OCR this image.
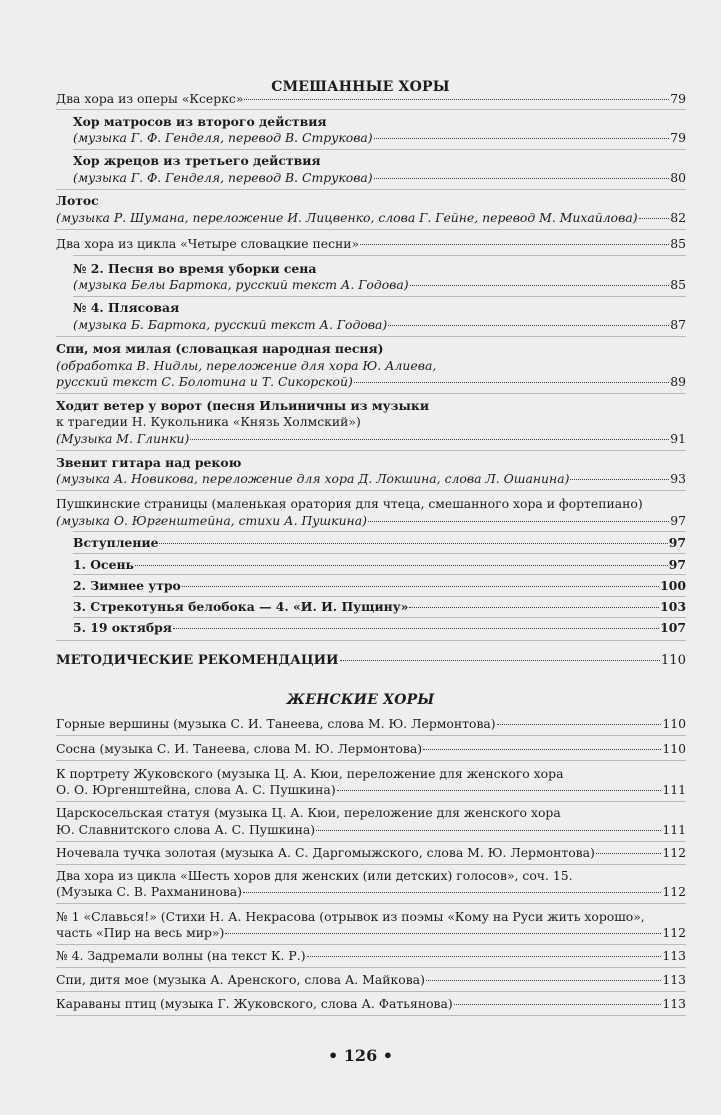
СМЕШАННЫЕ ХОРЫ
Два хора из оперы «Ксеркс»	79
Хор матросов из второго действия
(музыка Г. Ф. Генделя, перевод В. Струкова)	79
Хор жрецов из третьего действия
(музыка Г. Ф. Генделя, перевод В. Струкова)	80
Лотос
(музыка Р. Шумана, переложение И. Лицвенко, слова Г. Гейне, перевод М. Михайлова)	82
Два хора из цикла «Четыре словацкие песни»	85
№ 2. Песня во время уборки сена
(музыка Белы Бартока, русский текст А. Годова)	85
№ 4. Плясовая
(музыка Б. Бартока, русский текст А. Годова)	87
Спи, моя милая (словацкая народная песня)
(обработка В. Нидлы, переложение для хора Ю. Алиева,
русский текст С. Болотина и Т. Сикорской)	89
Ходит ветер у ворот (песня Ильиничны из музыки
к трагедии Н. Кукольника «Князь Холмский»)
(Музыка М. Глинки)	91
Звенит гитара над рекою
(музыка А. Новикова, переложение для хора Д. Локшина, слова Л. Ошанина)	93
Пушкинские страницы (маленькая оратория для чтеца, смешанного хора и фортепиано)
(музыка О. Юргенштейна, стихи А. Пушкина)	97
Вступление	97
1. Осень	97
2. Зимнее утро	100
3. Стрекотунья белобока — 4. «И. И. Пущину»	103
5. 19 октября	107
МЕТОДИЧЕСКИЕ РЕКОМЕНДАЦИИ	110
ЖЕНСКИЕ ХОРЫ
Горные вершины (музыка С. И. Танеева, слова М. Ю. Лермонтова)	110
Сосна (музыка С. И. Танеева, слова М. Ю. Лермонтова)	110
К портрету Жуковского (музыка Ц. А. Кюи, переложение для женского хора
О. О. Юргенштейна, слова А. С. Пушкина)	111
Царскосельская статуя (музыка Ц. А. Кюи, переложение для женского хора
Ю. Славнитского слова А. С. Пушкина)	111
Ночевала тучка золотая (музыка А. С. Даргомыжского, слова М. Ю. Лермонтова)	112
Два хора из цикла «Шесть хоров для женских (или детских) голосов», соч. 15.
(Музыка С. В. Рахманинова)	112
№ 1 «Славься!» (Стихи Н. А. Некрасова (отрывок из поэмы «Кому на Руси жить хорошо»,
часть «Пир на весь мир»)	112
№ 4. Задремали волны (на текст К. Р.)	113
Спи, дитя мое (музыка А. Аренского, слова А. Майкова)	113
Караваны птиц (музыка Г. Жуковского, слова А. Фатьянова)	113
• 126 •
